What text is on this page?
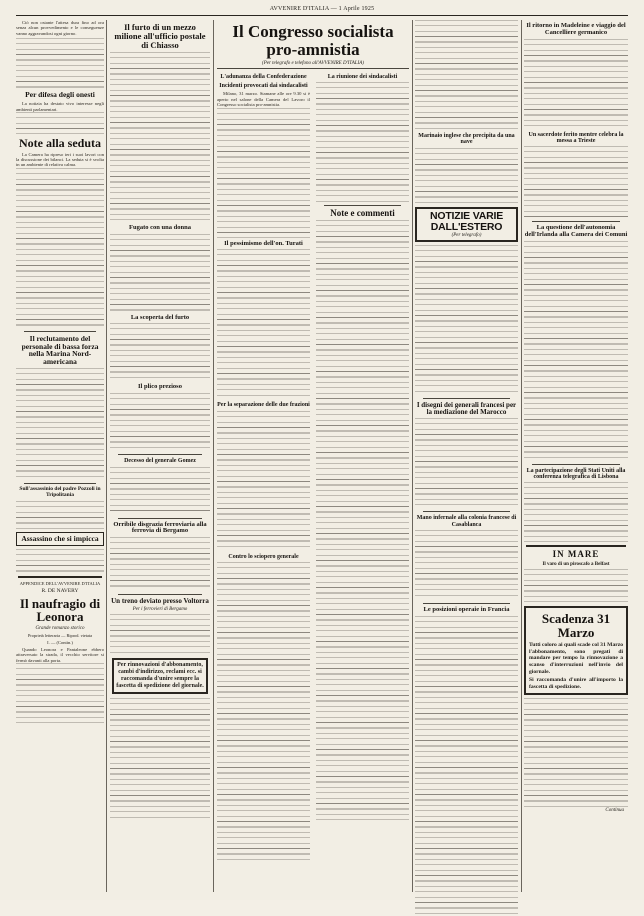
AVVENIRE D'ITALIA — 1 Aprile 1925

Ciò non ostante l'attesa dura fino ad ora senza alcun provvedimento e le conseguenze vanno aggravandosi ogni giorno.

Per difesa degli onesti

La notizia ha destato vivo interesse negli ambienti parlamentari.

Note alla seduta

La Camera ha ripreso ieri i suoi lavori con la discussione dei bilanci. La seduta si è svolta in un ambiente di relativa calma.

Il reclutamento del personale di bassa forza nella Marina Nord-americana
Sull'assassinio del padre Pozzoli in Tripolitania
Assassino che si impicca
APPENDICE DELL'AVVENIRE D'ITALIA
R. DE NAVERY
Il naufragio di Leonora
Grande romanzo storico
Proprietà letteraria — Riprod. vietata
I. — (Contin.)

Quando Leonora e Pantaleone ebbero attraversato la strada, il vecchio servitore si fermò davanti alla porta.

Il furto di un mezzo milione all'ufficio postale di Chiasso
Fugato con una donna
La scoperta del furto
Il plico prezioso
Decesso del generale Gomez
Orribile disgrazia ferroviaria alla ferrovia di Bergamo
Un treno deviato presso Voltorra
Per i ferrovieri di Bergamo
Per rinnovazioni d'abbonamento, cambi d'indirizzo, reclami ecc. si raccomanda d'unire sempre la fascetta di spedizione del giornale.
Il Congresso socialista pro-amnistia
(Per telegrafo e telefono all'AVVENIRE D'ITALIA)
L'adunanza della Confederazione
Incidenti provocati dai sindacalisti

Milano, 31 marzo. Stamane alle ore 9.30 si è aperto nel salone della Camera del Lavoro il Congresso socialista pro-amnistia.

Il pessimismo dell'on. Turati
Per la separazione delle due frazioni
Contro lo sciopero generale
La riunione dei sindacalisti
Note e commenti
Marinaio inglese che precipita da una nave
NOTIZIE VARIE DALL'ESTERO
(Per telegrafo)
I disegni dei generali francesi per la mediazione del Marocco
Mano infernale alla colonia francese di Casablanca
Le posizioni operaie in Francia
Il ritorno in Madeleine e viaggio del Cancelliere germanico
Un sacerdote ferito mentre celebra la messa a Trieste
La questione dell'autonomia dell'Irlanda alla Camera dei Comuni
La partecipazione degli Stati Uniti alla conferenza telegrafica di Lisbona
IN MARE
Il varo di un piroscafo a Belfast
Scadenza 31 Marzo
Tutti coloro ai quali scade col 31 Marzo l'abbonamento, sono pregati di mandare per tempo la rinnovazione a scanso d'interruzioni nell'invio del giornale.
Si raccomanda d'unire all'importo la fascetta di spedizione.
Continua
